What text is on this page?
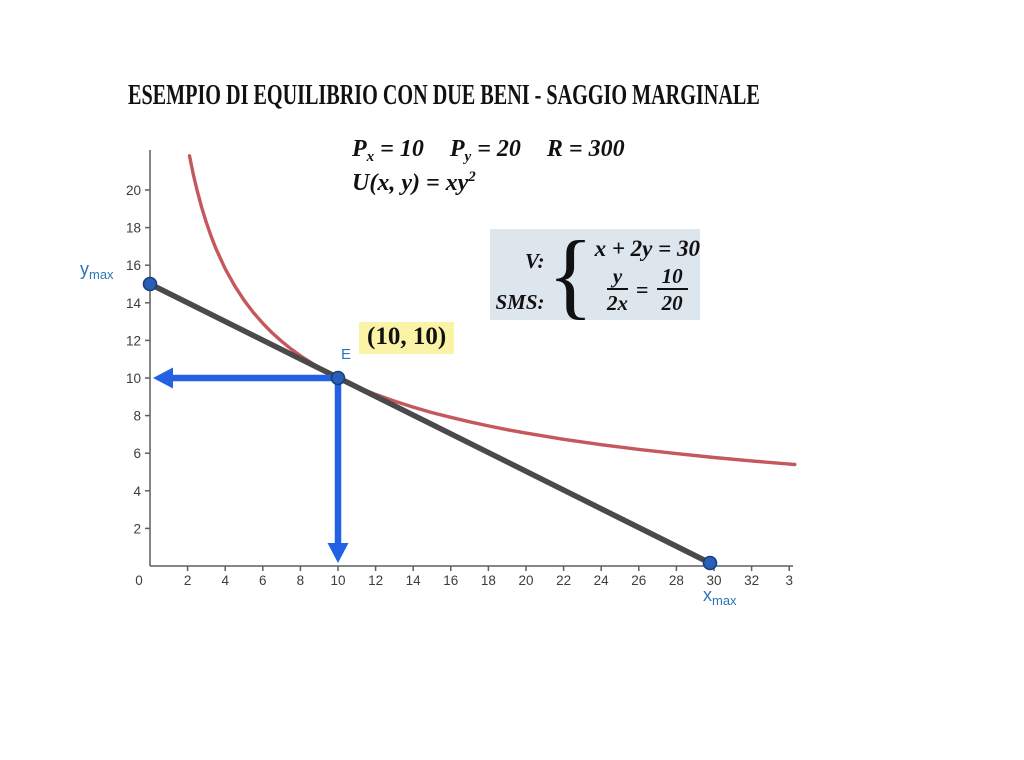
0	2 4 6 8 10 12 14 16 18 20 22 24 26 28 30 32 3
2
4
6
8
10
12
14
16
18
20
ESEMPIO DI EQUILIBRIO CON DUE BENI - SAGGIO MARGINALE
$P_x = 10$ $P_y = 20$ R = 300
U(x, $y) = xy^2$
V:
SMS: { x + 2y = 30
$\frac{y}{2x} = \frac{10}{20}$
(10, 10)
E
$y_{max}$
$x_{max}$
